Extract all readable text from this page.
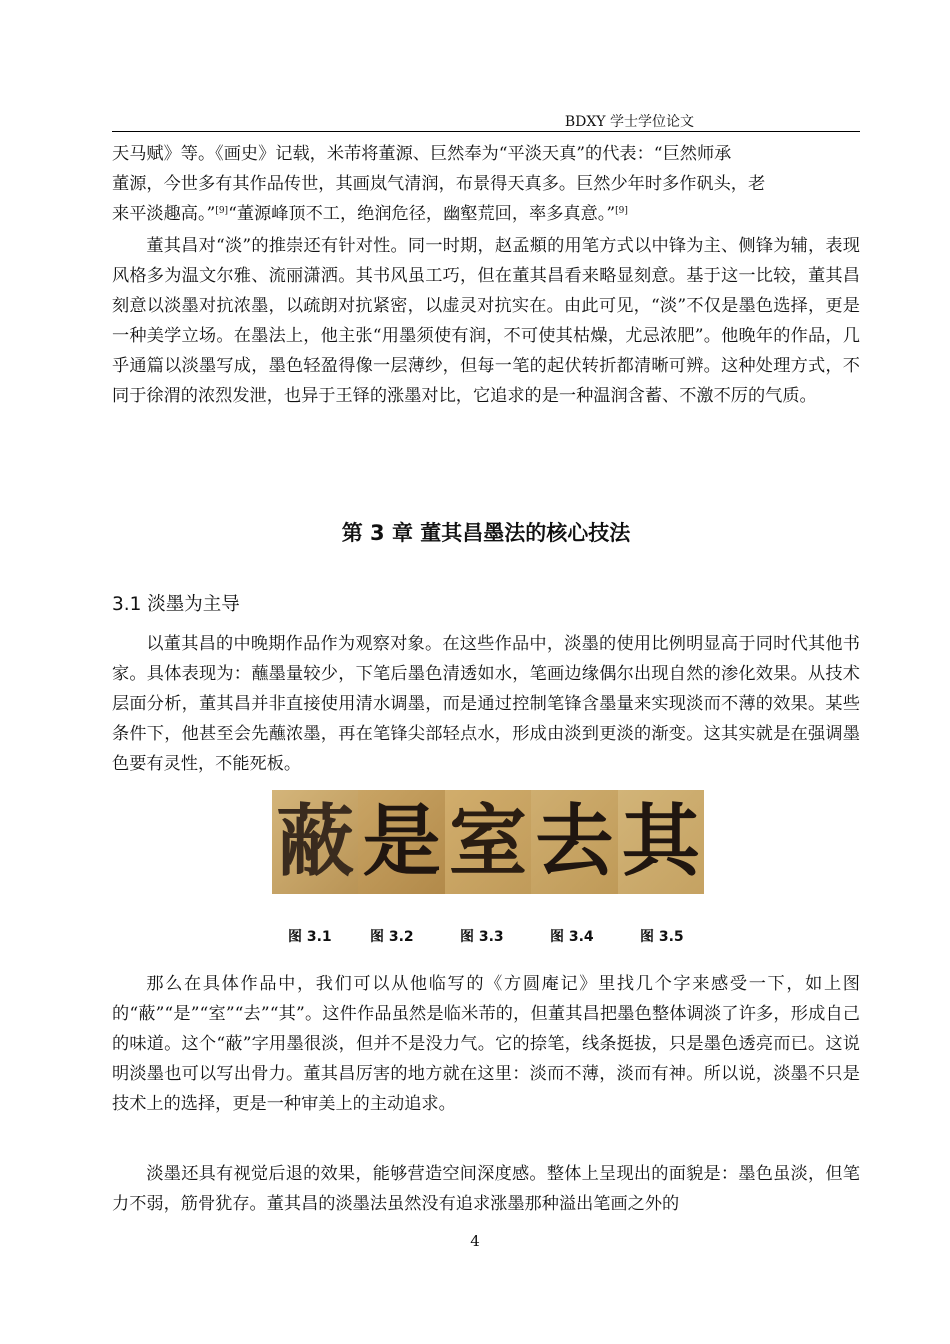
BDXY 学士学位论文

天马赋》等。《画史》记载，米芾将董源、巨然奉为“平淡天真”的代表：“巨然师承

董源，今世多有其作品传世，其画岚气清润，布景得天真多。巨然少年时多作矾头，老

来平淡趣高。”[9]“董源峰顶不工，绝润危径，幽壑荒回，率多真意。”[9]

董其昌对“淡”的推崇还有针对性。同一时期，赵孟頫的用笔方式以中锋为主、侧锋为辅，表现风格多为温文尔雅、流丽潇洒。其书风虽工巧，但在董其昌看来略显刻意。基于这一比较，董其昌刻意以淡墨对抗浓墨，以疏朗对抗紧密，以虚灵对抗实在。由此可见，“淡”不仅是墨色选择，更是一种美学立场。在墨法上，他主张“用墨须使有润，不可使其枯燥，尤忌浓肥”。他晚年的作品，几乎通篇以淡墨写成，墨色轻盈得像一层薄纱，但每一笔的起伏转折都清晰可辨。这种处理方式，不同于徐渭的浓烈发泄，也异于王铎的涨墨对比，它追求的是一种温润含蓄、不激不厉的气质。

第 3 章 董其昌墨法的核心技法
3.1 淡墨为主导

以董其昌的中晚期作品作为观察对象。在这些作品中，淡墨的使用比例明显高于同时代其他书家。具体表现为：蘸墨量较少，下笔后墨色清透如水，笔画边缘偶尔出现自然的渗化效果。从技术层面分析，董其昌并非直接使用清水调墨，而是通过控制笔锋含墨量来实现淡而不薄的效果。某些条件下，他甚至会先蘸浓墨，再在笔锋尖部轻点水，形成由淡到更淡的渐变。这其实就是在强调墨色要有灵性，不能死板。

蔽 是 室 去 其
图 3.1	图 3.2	图 3.3	图 3.4	图 3.5

那么在具体作品中，我们可以从他临写的《方圆庵记》里找几个字来感受一下，如上图的“蔽”“是”“室”“去”“其”。这件作品虽然是临米芾的，但董其昌把墨色整体调淡了许多，形成自己的味道。这个“蔽”字用墨很淡，但并不是没力气。它的捺笔，线条挺拔，只是墨色透亮而已。这说明淡墨也可以写出骨力。董其昌厉害的地方就在这里：淡而不薄，淡而有神。所以说，淡墨不只是技术上的选择，更是一种审美上的主动追求。

淡墨还具有视觉后退的效果，能够营造空间深度感。整体上呈现出的面貌是：墨色虽淡，但笔力不弱，筋骨犹存。董其昌的淡墨法虽然没有追求涨墨那种溢出笔画之外的

4
